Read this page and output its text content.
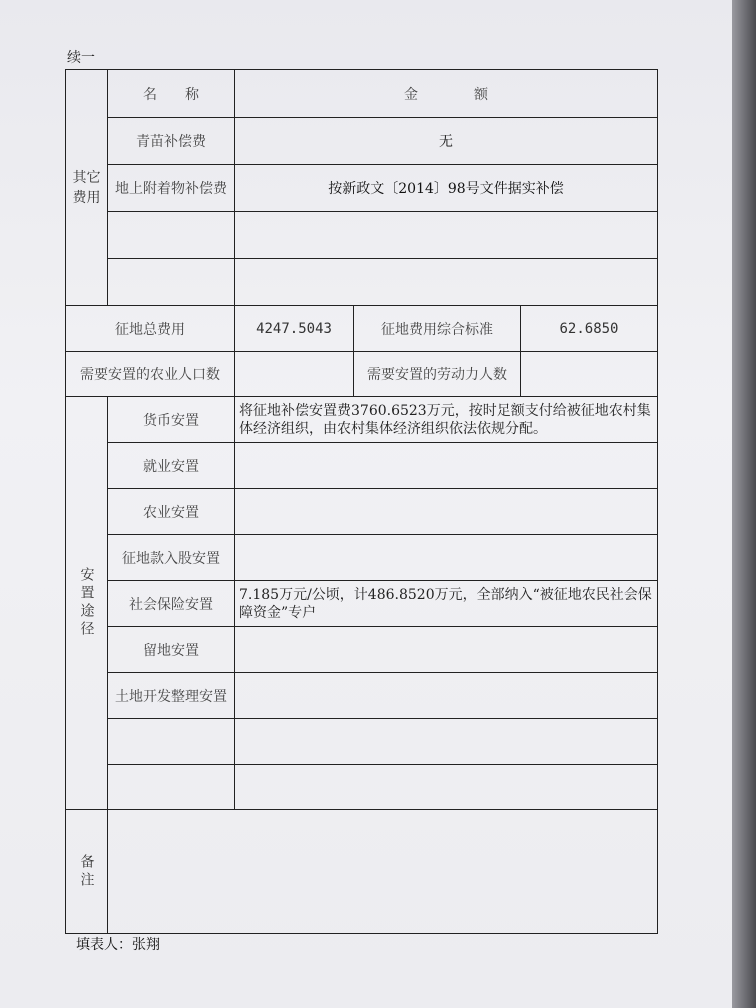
续一
其它
费用	名　　称	金　　　　额		
	青苗补偿费	无		
	地上附着物补偿费	按新政文〔2014〕98号文件据实补偿		

征地总费用		4247.5043	征地费用综合标准	62.6850
需要安置的农业人口数			需要安置的劳动力人数	

安置途径	货币安置	将征地补偿安置费3760.6523万元，按时足额支付给被征地农村集体经济组织，由农村集体经济组织依法依规分配。		
	就业安置			
	农业安置			
	征地款入股安置			
	社会保险安置	7.185万元/公顷，计486.8520万元，全部纳入“被征地农民社会保障资金”专户		
	留地安置			
	土地开发整理安置			

备注				

填表人：张翔
